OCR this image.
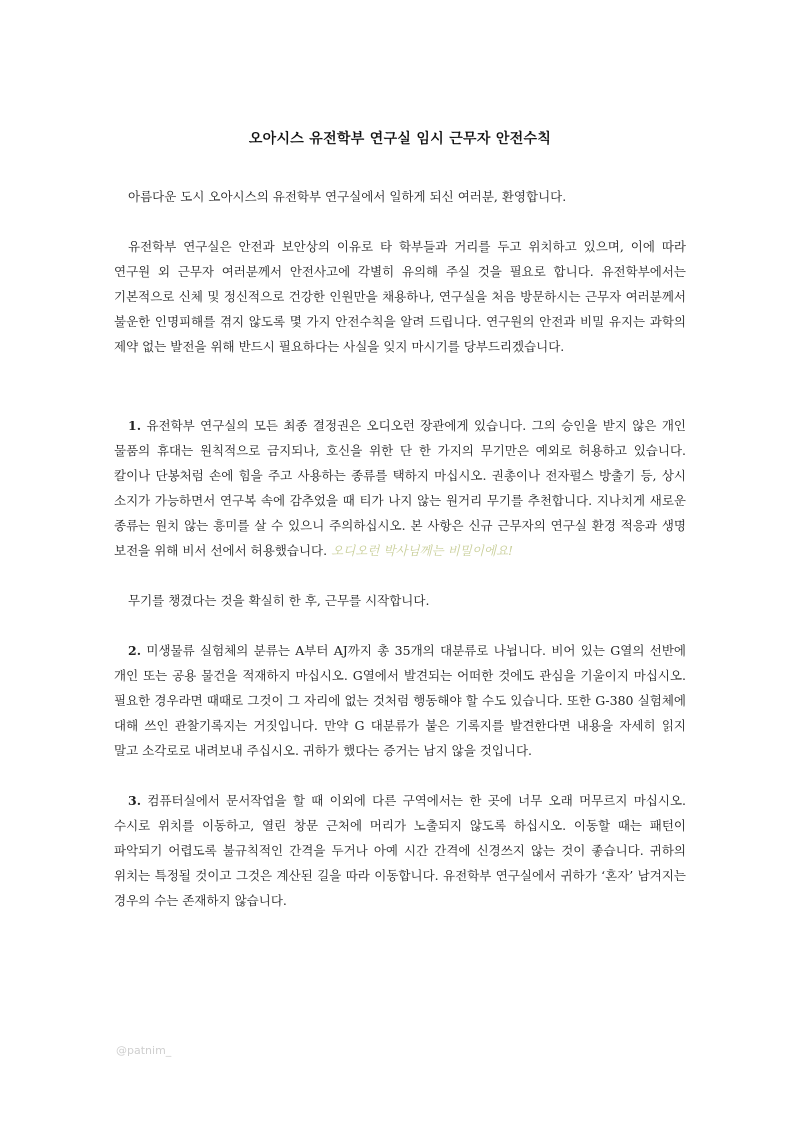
오아시스 유전학부 연구실 임시 근무자 안전수칙

아름다운 도시 오아시스의 유전학부 연구실에서 일하게 되신 여러분, 환영합니다.

유전학부 연구실은 안전과 보안상의 이유로 타 학부들과 거리를 두고 위치하고 있으며, 이에 따라 연구원 외 근무자 여러분께서 안전사고에 각별히 유의해 주실 것을 필요로 합니다. 유전학부에서는 기본적으로 신체 및 정신적으로 건강한 인원만을 채용하나, 연구실을 처음 방문하시는 근무자 여러분께서 불운한 인명피해를 겪지 않도록 몇 가지 안전수칙을 알려 드립니다. 연구원의 안전과 비밀 유지는 과학의 제약 없는 발전을 위해 반드시 필요하다는 사실을 잊지 마시기를 당부드리겠습니다.

1. 유전학부 연구실의 모든 최종 결정권은 오디오런 장관에게 있습니다. 그의 승인을 받지 않은 개인 물품의 휴대는 원칙적으로 금지되나, 호신을 위한 단 한 가지의 무기만은 예외로 허용하고 있습니다. 칼이나 단봉처럼 손에 힘을 주고 사용하는 종류를 택하지 마십시오. 권총이나 전자펄스 방출기 등, 상시 소지가 가능하면서 연구복 속에 감추었을 때 티가 나지 않는 원거리 무기를 추천합니다. 지나치게 새로운 종류는 원치 않는 흥미를 살 수 있으니 주의하십시오. 본 사항은 신규 근무자의 연구실 환경 적응과 생명 보전을 위해 비서 선에서 허용했습니다. 오디오런 박사님께는 비밀이에요!

무기를 챙겼다는 것을 확실히 한 후, 근무를 시작합니다.

2. 미생물류 실험체의 분류는 A부터 AJ까지 총 35개의 대분류로 나뉩니다. 비어 있는 G열의 선반에 개인 또는 공용 물건을 적재하지 마십시오. G열에서 발견되는 어떠한 것에도 관심을 기울이지 마십시오. 필요한 경우라면 때때로 그것이 그 자리에 없는 것처럼 행동해야 할 수도 있습니다. 또한 G-380 실험체에 대해 쓰인 관찰기록지는 거짓입니다. 만약 G 대분류가 붙은 기록지를 발견한다면 내용을 자세히 읽지 말고 소각로로 내려보내 주십시오. 귀하가 했다는 증거는 남지 않을 것입니다.

3. 컴퓨터실에서 문서작업을 할 때 이외에 다른 구역에서는 한 곳에 너무 오래 머무르지 마십시오. 수시로 위치를 이동하고, 열린 창문 근처에 머리가 노출되지 않도록 하십시오. 이동할 때는 패턴이 파악되기 어렵도록 불규칙적인 간격을 두거나 아예 시간 간격에 신경쓰지 않는 것이 좋습니다. 귀하의 위치는 특정될 것이고 그것은 계산된 길을 따라 이동합니다. 유전학부 연구실에서 귀하가 ‘혼자’ 남겨지는 경우의 수는 존재하지 않습니다.

@patnim_
